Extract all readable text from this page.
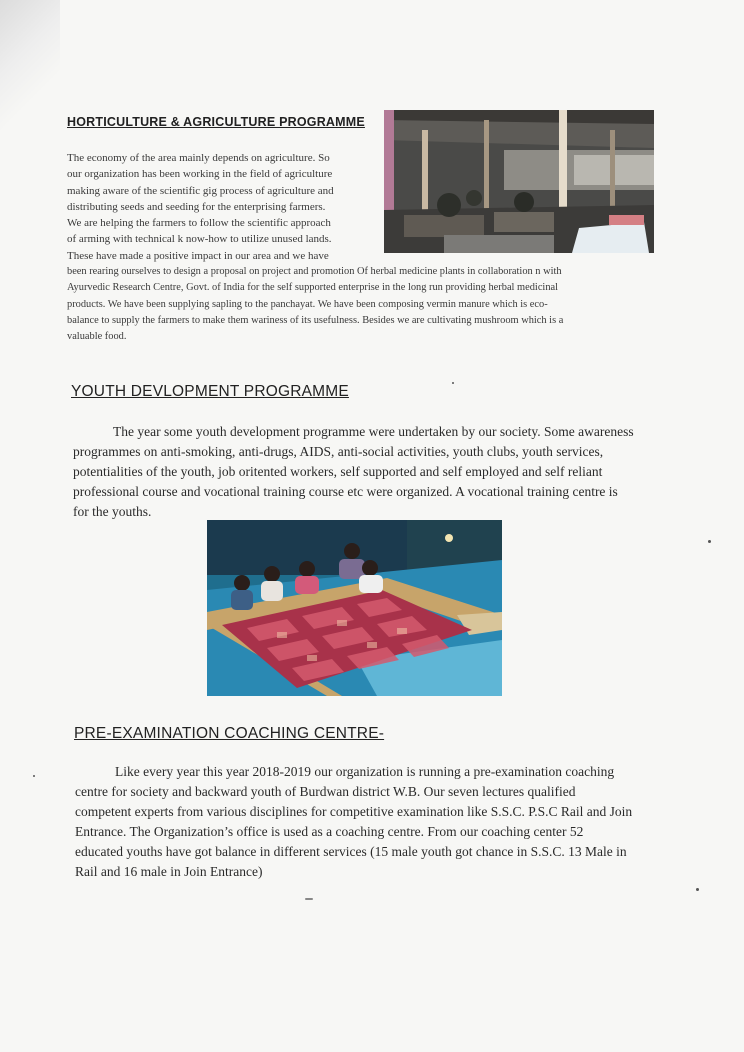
HORTICULTURE & AGRICULTURE PROGRAMME
The economy of the area mainly depends on agriculture. So
our organization has been working in the field of agriculture
making aware of the scientific gig process of agriculture and
distributing seeds and seeding for the enterprising farmers.
We are helping the farmers to follow the scientific approach
of arming with technical k now-how to utilize unused lands.
These have made a positive impact in our area and we have
been rearing ourselves to design a proposal on project and promotion Of herbal medicine plants in collaboration n with
Ayurvedic Research Centre, Govt. of India for the self supported enterprise in the long run providing herbal medicinal
products. We have been supplying sapling to the panchayat. We have been composing vermin manure which is eco-
balance to supply the farmers to make them wariness of its usefulness. Besides we are cultivating mushroom which is a
valuable food.
YOUTH DEVLOPMENT PROGRAMME
The year some youth development programme were undertaken by our society. Some awareness
programmes on anti-smoking, anti-drugs, AIDS, anti-social activities, youth clubs, youth services,
potentialities of the youth, job oritented workers, self supported and self employed and self reliant
professional course and vocational training course etc were organized. A vocational training centre is
for the youths.
PRE-EXAMINATION COACHING CENTRE-
Like every year this year 2018-2019 our organization is running a pre-examination coaching
centre for society and backward youth of Burdwan district W.B. Our seven lectures qualified
competent experts from various disciplines for competitive examination like S.S.C. P.S.C Rail and Join
Entrance. The Organization’s office is used as a coaching centre. From our coaching center 52
educated youths have got balance in different services (15 male youth got chance in S.S.C. 13 Male in
Rail and 16 male in Join Entrance)
